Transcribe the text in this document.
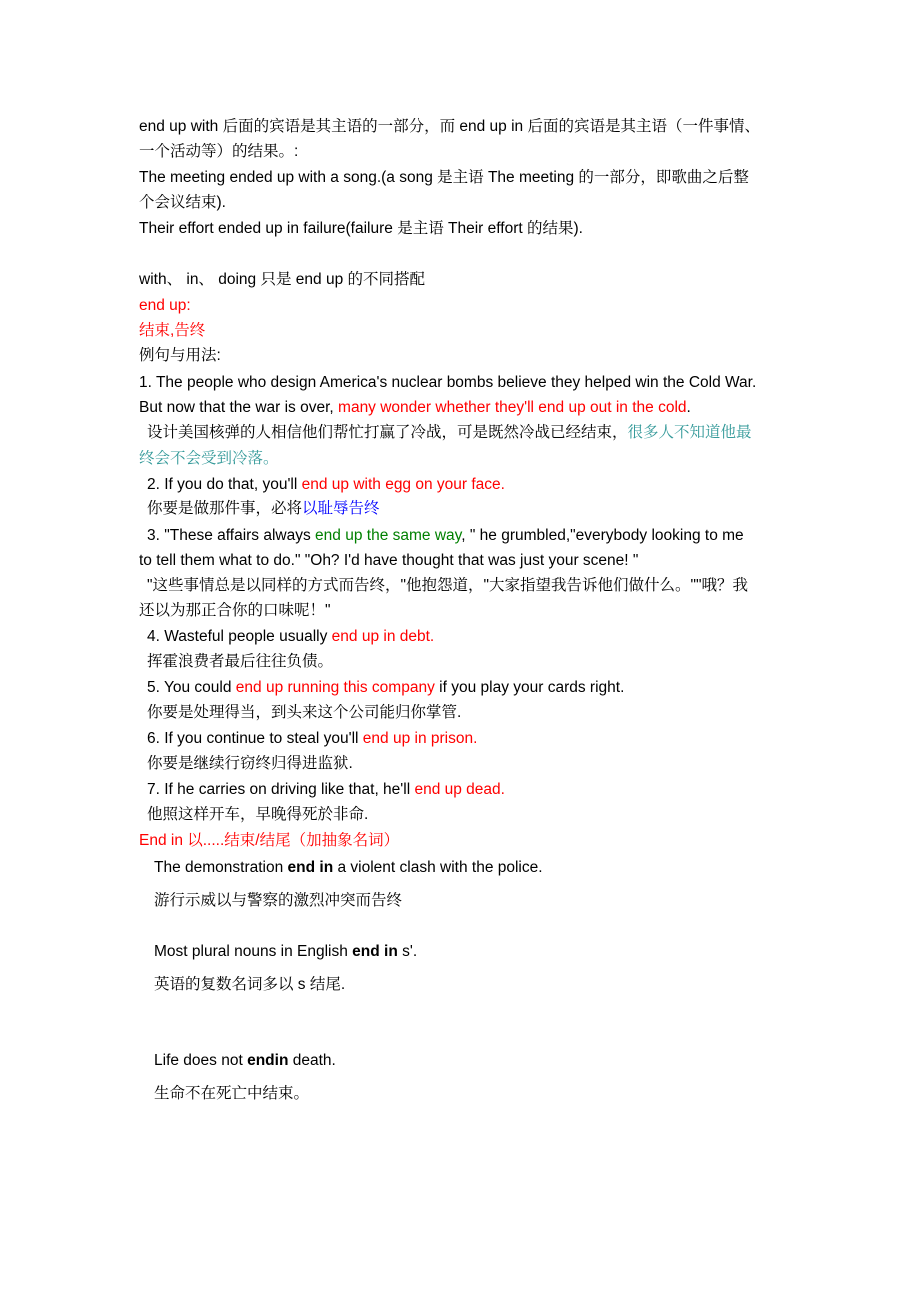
end up with 后面的宾语是其主语的一部分，而 end up in 后面的宾语是其主语（一件事情、
一个活动等）的结果。:
The meeting ended up with a song.(a song 是主语 The meeting 的一部分，即歌曲之后整
个会议结束).
Their effort ended up in failure(failure 是主语 Their effort 的结果).
with、 in、 doing 只是 end up 的不同搭配
end up:
结束,告终
例句与用法:
1. The people who design America's nuclear bombs believe they helped win the Cold War.
But now that the war is over, many wonder whether they'll end up out in the cold.
设计美国核弹的人相信他们帮忙打赢了冷战，可是既然冷战已经结束，很多人不知道他最
终会不会受到冷落。
2. If you do that, you'll end up with egg on your face.
你要是做那件事，必将以耻辱告终
3. "These affairs always end up the same way, " he grumbled,"everybody looking to me
to tell them what to do." "Oh? I'd have thought that was just your scene! "
"这些事情总是以同样的方式而告终，"他抱怨道，"大家指望我告诉他们做什么。""哦？我
还以为那正合你的口味呢！"
4. Wasteful people usually end up in debt.
挥霍浪费者最后往往负债。
5. You could end up running this company if you play your cards right.
你要是处理得当，到头来这个公司能归你掌管.
6. If you continue to steal you'll end up in prison.
你要是继续行窃终归得进监狱.
7. If he carries on driving like that, he'll end up dead.
他照这样开车，早晚得死於非命.
End in 以.....结束/结尾（加抽象名词）
The demonstration end in a violent clash with the police.
游行示威以与警察的激烈冲突而告终
Most plural nouns in English end in s'.
英语的复数名词多以 s 结尾.
Life does not endin death.
生命不在死亡中结束。
